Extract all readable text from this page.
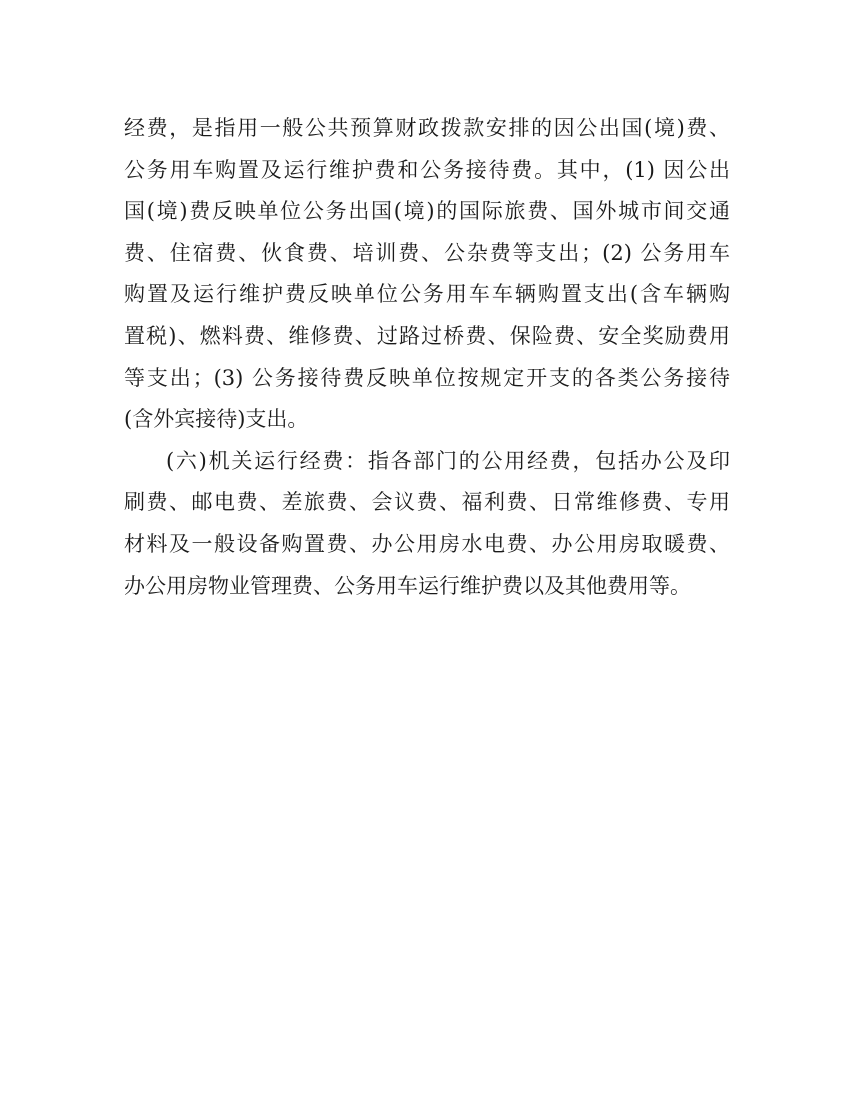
经费，是指用一般公共预算财政拨款安排的因公出国(境)费、
公务用车购置及运行维护费和公务接待费。其中，(1) 因公出
国(境)费反映单位公务出国(境)的国际旅费、国外城市间交通
费、住宿费、伙食费、培训费、公杂费等支出；(2) 公务用车
购置及运行维护费反映单位公务用车车辆购置支出(含车辆购
置税)、燃料费、维修费、过路过桥费、保险费、安全奖励费用
等支出；(3) 公务接待费反映单位按规定开支的各类公务接待
(含外宾接待)支出。
(六)机关运行经费：指各部门的公用经费，包括办公及印
刷费、邮电费、差旅费、会议费、福利费、日常维修费、专用
材料及一般设备购置费、办公用房水电费、办公用房取暖费、
办公用房物业管理费、公务用车运行维护费以及其他费用等。
